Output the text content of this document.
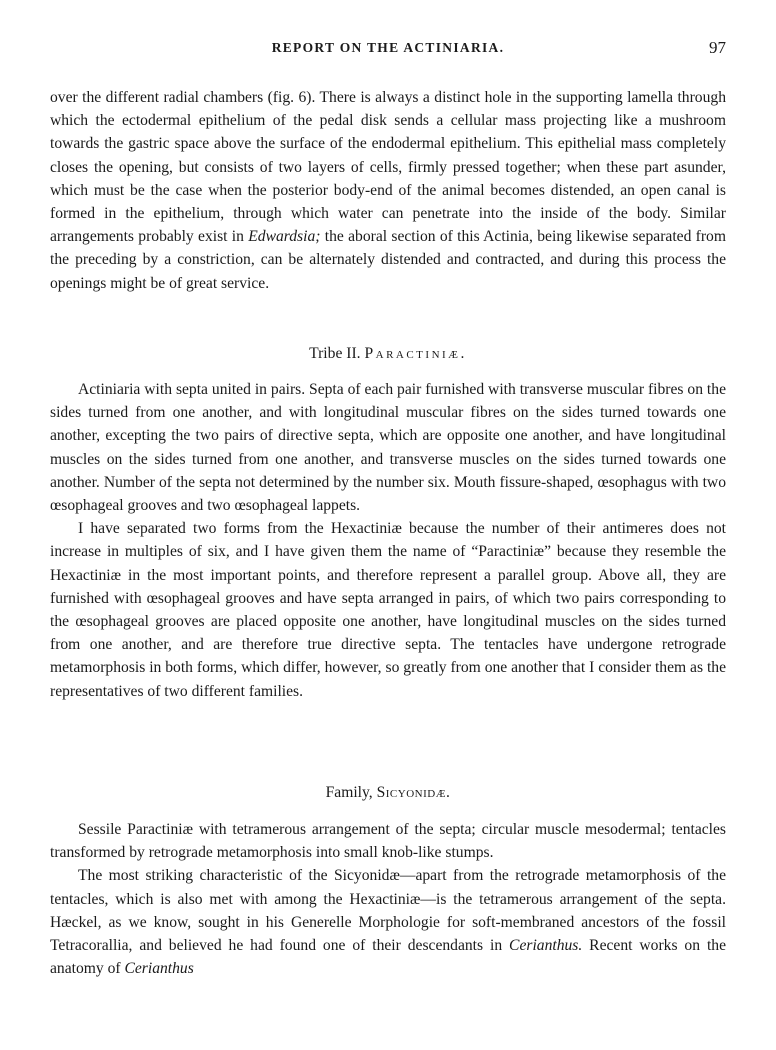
REPORT ON THE ACTINIARIA.	97

over the different radial chambers (fig. 6). There is always a distinct hole in the supporting lamella through which the ectodermal epithelium of the pedal disk sends a cellular mass projecting like a mushroom towards the gastric space above the surface of the endodermal epithelium. This epithelial mass completely closes the opening, but consists of two layers of cells, firmly pressed together; when these part asunder, which must be the case when the posterior body-end of the animal becomes distended, an open canal is formed in the epithelium, through which water can penetrate into the inside of the body. Similar arrangements probably exist in Edwardsia; the aboral section of this Actinia, being likewise separated from the preceding by a constriction, can be alternately distended and contracted, and during this process the openings might be of great service.

Tribe II. Paractiniæ.

Actiniaria with septa united in pairs. Septa of each pair furnished with transverse muscular fibres on the sides turned from one another, and with longitudinal muscular fibres on the sides turned towards one another, excepting the two pairs of directive septa, which are opposite one another, and have longitudinal muscles on the sides turned from one another, and transverse muscles on the sides turned towards one another. Number of the septa not determined by the number six. Mouth fissure-shaped, œsophagus with two œsophageal grooves and two œsophageal lappets.

I have separated two forms from the Hexactiniæ because the number of their antimeres does not increase in multiples of six, and I have given them the name of “Paractiniæ” because they resemble the Hexactiniæ in the most important points, and therefore represent a parallel group. Above all, they are furnished with œsophageal grooves and have septa arranged in pairs, of which two pairs corresponding to the œsophageal grooves are placed opposite one another, have longitudinal muscles on the sides turned from one another, and are therefore true directive septa. The tentacles have undergone retrograde metamorphosis in both forms, which differ, however, so greatly from one another that I consider them as the representatives of two different families.

Family, Sicyonidæ.

Sessile Paractiniæ with tetramerous arrangement of the septa; circular muscle mesodermal; tentacles transformed by retrograde metamorphosis into small knob-like stumps.

The most striking characteristic of the Sicyonidæ—apart from the retrograde metamorphosis of the tentacles, which is also met with among the Hexactiniæ—is the tetramerous arrangement of the septa. Hæckel, as we know, sought in his Generelle Morphologie for soft-membraned ancestors of the fossil Tetracorallia, and believed he had found one of their descendants in Cerianthus. Recent works on the anatomy of Cerianthus
